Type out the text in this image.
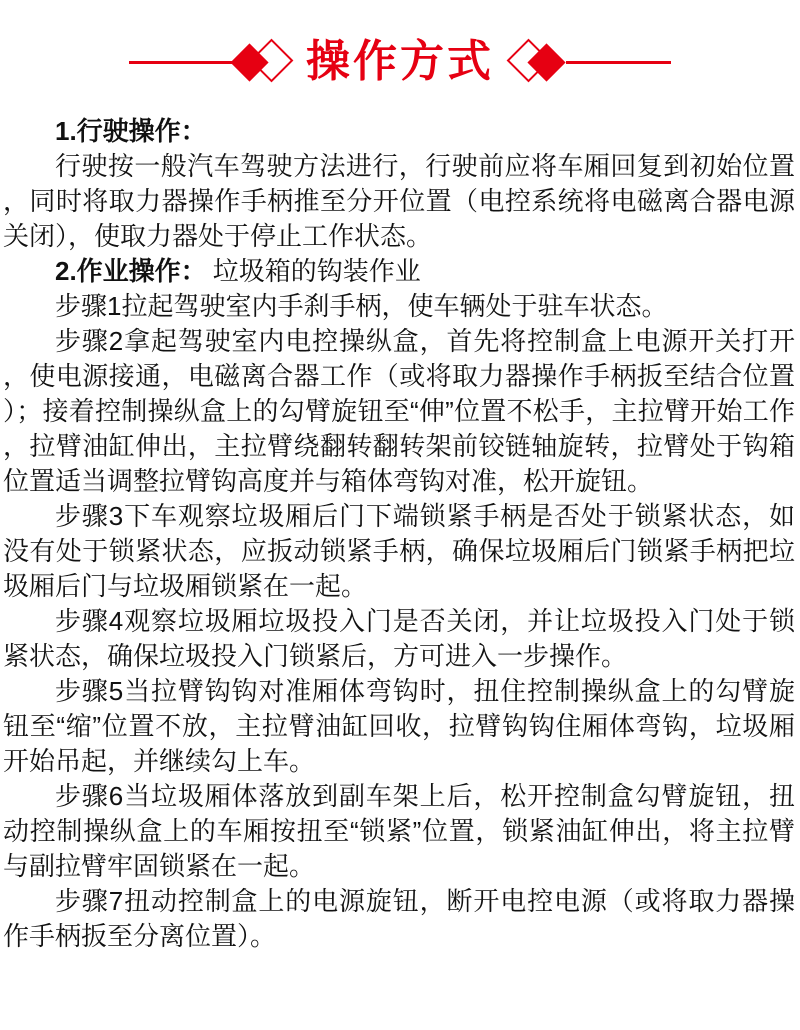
操作方式

1.行驶操作：

行驶按一般汽车驾驶方法进行，行驶前应将车厢回复到初始位置，同时将取力器操作手柄推至分开位置（电控系统将电磁离合器电源关闭），使取力器处于停止工作状态。

2.作业操作： 垃圾箱的钩装作业

步骤1拉起驾驶室内手刹手柄，使车辆处于驻车状态。

步骤2拿起驾驶室内电控操纵盒，首先将控制盒上电源开关打开，使电源接通，电磁离合器工作（或将取力器操作手柄扳至结合位置）；接着控制操纵盒上的勾臂旋钮至“伸”位置不松手，主拉臂开始工作，拉臂油缸伸出，主拉臂绕翻转翻转架前铰链轴旋转，拉臂处于钩箱位置适当调整拉臂钩高度并与箱体弯钩对准，松开旋钮。

步骤3下车观察垃圾厢后门下端锁紧手柄是否处于锁紧状态，如没有处于锁紧状态，应扳动锁紧手柄，确保垃圾厢后门锁紧手柄把垃圾厢后门与垃圾厢锁紧在一起。

步骤4观察垃圾厢垃圾投入门是否关闭，并让垃圾投入门处于锁紧状态，确保垃圾投入门锁紧后，方可进入一步操作。

步骤5当拉臂钩钩对准厢体弯钩时，扭住控制操纵盒上的勾臂旋钮至“缩”位置不放，主拉臂油缸回收，拉臂钩钩住厢体弯钩，垃圾厢开始吊起，并继续勾上车。

步骤6当垃圾厢体落放到副车架上后，松开控制盒勾臂旋钮，扭动控制操纵盒上的车厢按扭至“锁紧”位置，锁紧油缸伸出，将主拉臂与副拉臂牢固锁紧在一起。

步骤7扭动控制盒上的电源旋钮，断开电控电源（或将取力器操作手柄扳至分离位置）。
